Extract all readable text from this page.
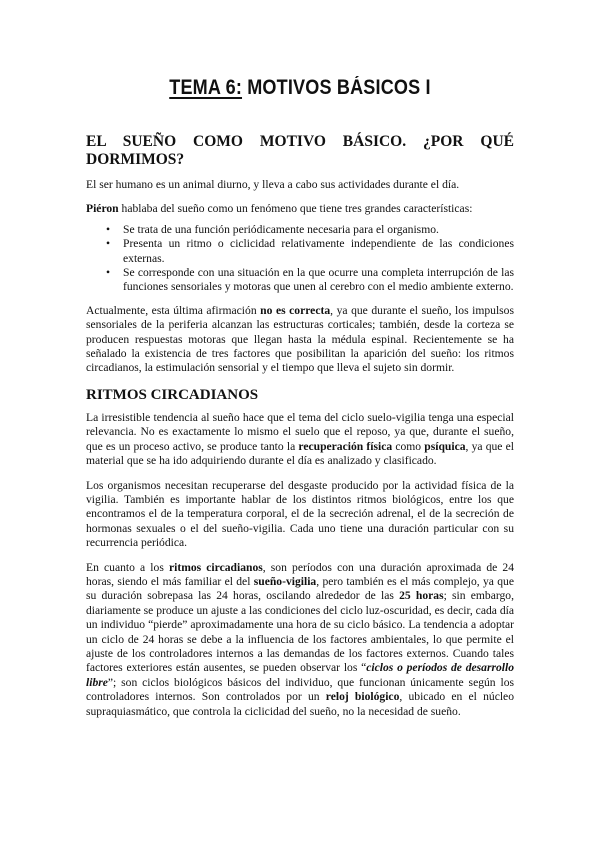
TEMA 6: MOTIVOS BÁSICOS I
EL SUEÑO COMO MOTIVO BÁSICO. ¿POR QUÉ DORMIMOS?

El ser humano es un animal diurno, y lleva a cabo sus actividades durante el día.

Piéron hablaba del sueño como un fenómeno que tiene tres grandes características:

• Se trata de una función periódicamente necesaria para el organismo.
• Presenta un ritmo o ciclicidad relativamente independiente de las condiciones externas.
• Se corresponde con una situación en la que ocurre una completa interrupción de las funciones sensoriales y motoras que unen al cerebro con el medio ambiente externo.

Actualmente, esta última afirmación no es correcta, ya que durante el sueño, los impulsos sensoriales de la periferia alcanzan las estructuras corticales; también, desde la corteza se producen respuestas motoras que llegan hasta la médula espinal. Recientemente se ha señalado la existencia de tres factores que posibilitan la aparición del sueño: los ritmos circadianos, la estimulación sensorial y el tiempo que lleva el sujeto sin dormir.

RITMOS CIRCADIANOS

La irresistible tendencia al sueño hace que el tema del ciclo suelo-vigilia tenga una especial relevancia. No es exactamente lo mismo el suelo que el reposo, ya que, durante el sueño, que es un proceso activo, se produce tanto la recuperación física como psíquica, ya que el material que se ha ido adquiriendo durante el día es analizado y clasificado.

Los organismos necesitan recuperarse del desgaste producido por la actividad física de la vigilia. También es importante hablar de los distintos ritmos biológicos, entre los que encontramos el de la temperatura corporal, el de la secreción adrenal, el de la secreción de hormonas sexuales o el del sueño-vigilia. Cada uno tiene una duración particular con su recurrencia periódica.

En cuanto a los ritmos circadianos, son períodos con una duración aproximada de 24 horas, siendo el más familiar el del sueño-vigilia, pero también es el más complejo, ya que su duración sobrepasa las 24 horas, oscilando alrededor de las 25 horas; sin embargo, diariamente se produce un ajuste a las condiciones del ciclo luz-oscuridad, es decir, cada día un individuo “pierde” aproximadamente una hora de su ciclo básico. La tendencia a adoptar un ciclo de 24 horas se debe a la influencia de los factores ambientales, lo que permite el ajuste de los controladores internos a las demandas de los factores externos. Cuando tales factores exteriores están ausentes, se pueden observar los “ciclos o períodos de desarrollo libre”; son ciclos biológicos básicos del individuo, que funcionan únicamente según los controladores internos. Son controlados por un reloj biológico, ubicado en el núcleo supraquiasmático, que controla la ciclicidad del sueño, no la necesidad de sueño.
